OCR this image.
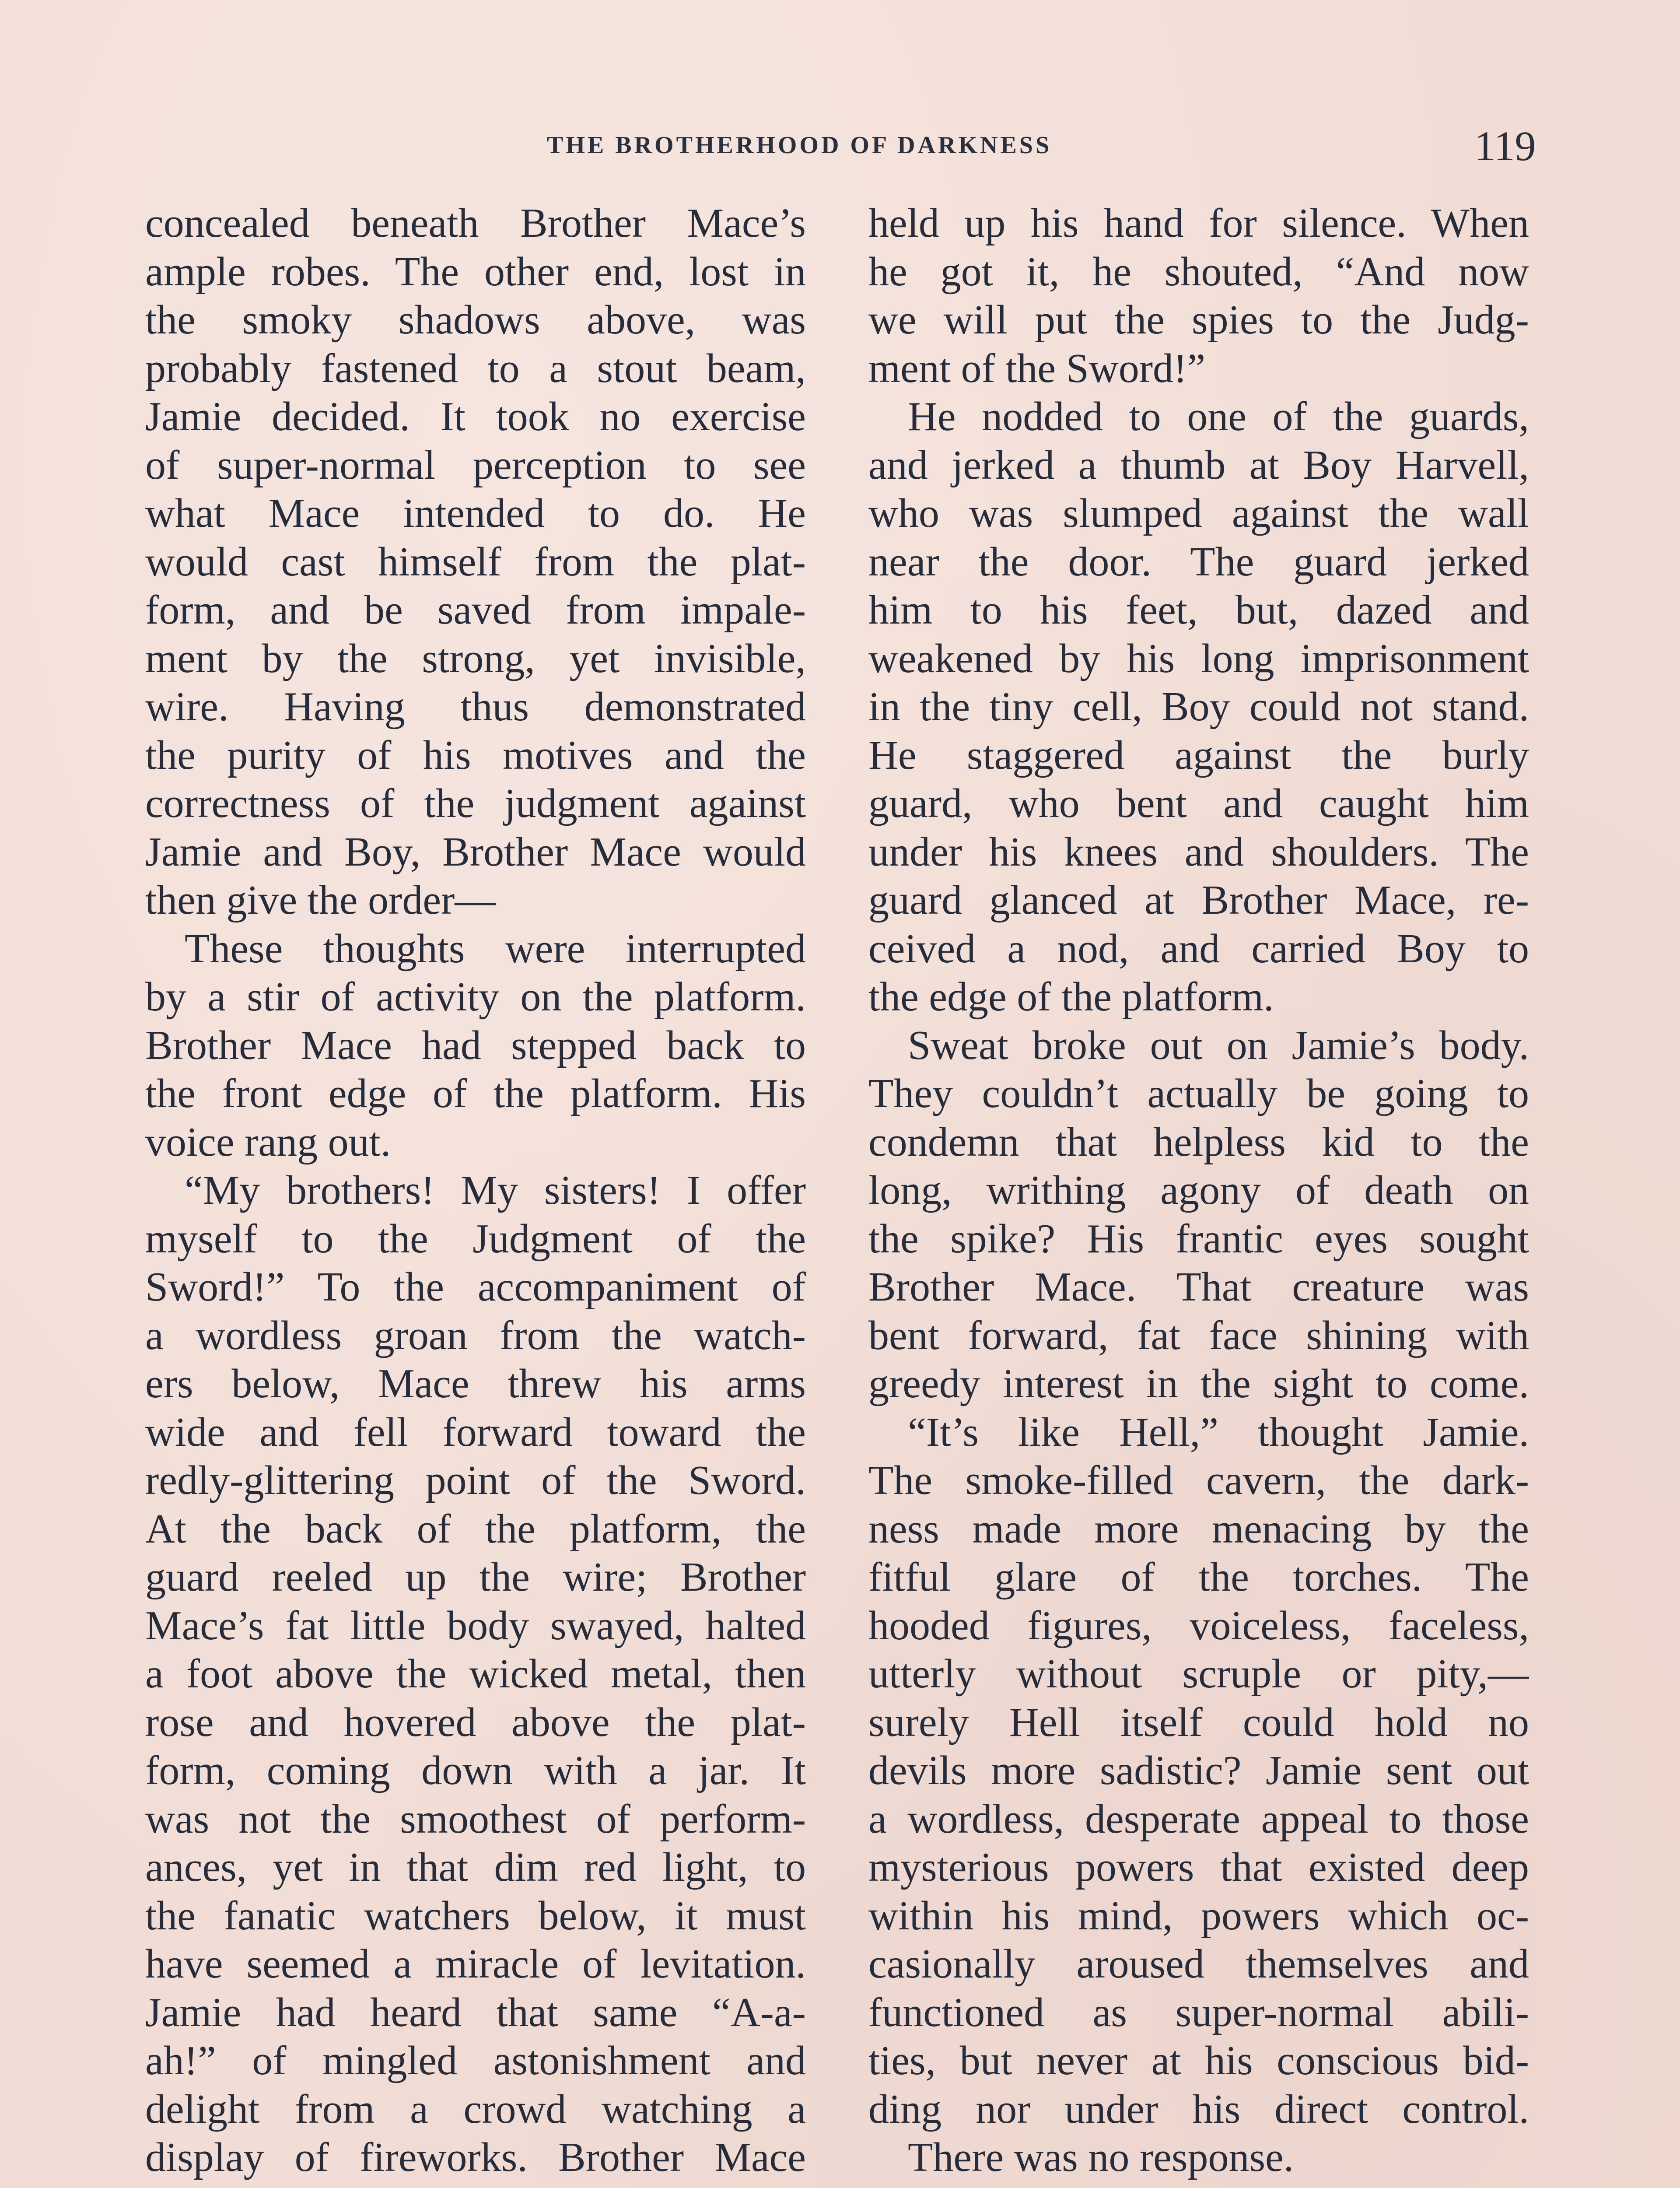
THE BROTHERHOOD OF DARKNESS	119
concealed beneath Brother Mace’s
ample robes. The other end, lost in
the smoky shadows above, was
probably fastened to a stout beam,
Jamie decided. It took no exercise
of super-normal perception to see
what Mace intended to do. He
would cast himself from the plat-
form, and be saved from impale-
ment by the strong, yet invisible,
wire. Having thus demonstrated
the purity of his motives and the
correctness of the judgment against
Jamie and Boy, Brother Mace would
then give the order—
These thoughts were interrupted
by a stir of activity on the platform.
Brother Mace had stepped back to
the front edge of the platform. His
voice rang out.
“My brothers! My sisters! I offer
myself to the Judgment of the
Sword!” To the accompaniment of
a wordless groan from the watch-
ers below, Mace threw his arms
wide and fell forward toward the
redly-glittering point of the Sword.
At the back of the platform, the
guard reeled up the wire; Brother
Mace’s fat little body swayed, halted
a foot above the wicked metal, then
rose and hovered above the plat-
form, coming down with a jar. It
was not the smoothest of perform-
ances, yet in that dim red light, to
the fanatic watchers below, it must
have seemed a miracle of levitation.
Jamie had heard that same “A-a-
ah!” of mingled astonishment and
delight from a crowd watching a
display of fireworks. Brother Mace
held up his hand for silence. When
he got it, he shouted, “And now
we will put the spies to the Judg-
ment of the Sword!”
He nodded to one of the guards,
and jerked a thumb at Boy Harvell,
who was slumped against the wall
near the door. The guard jerked
him to his feet, but, dazed and
weakened by his long imprisonment
in the tiny cell, Boy could not stand.
He staggered against the burly
guard, who bent and caught him
under his knees and shoulders. The
guard glanced at Brother Mace, re-
ceived a nod, and carried Boy to
the edge of the platform.
Sweat broke out on Jamie’s body.
They couldn’t actually be going to
condemn that helpless kid to the
long, writhing agony of death on
the spike? His frantic eyes sought
Brother Mace. That creature was
bent forward, fat face shining with
greedy interest in the sight to come.
“It’s like Hell,” thought Jamie.
The smoke-filled cavern, the dark-
ness made more menacing by the
fitful glare of the torches. The
hooded figures, voiceless, faceless,
utterly without scruple or pity,—
surely Hell itself could hold no
devils more sadistic? Jamie sent out
a wordless, desperate appeal to those
mysterious powers that existed deep
within his mind, powers which oc-
casionally aroused themselves and
functioned as super-normal abili-
ties, but never at his conscious bid-
ding nor under his direct control.
There was no response.
